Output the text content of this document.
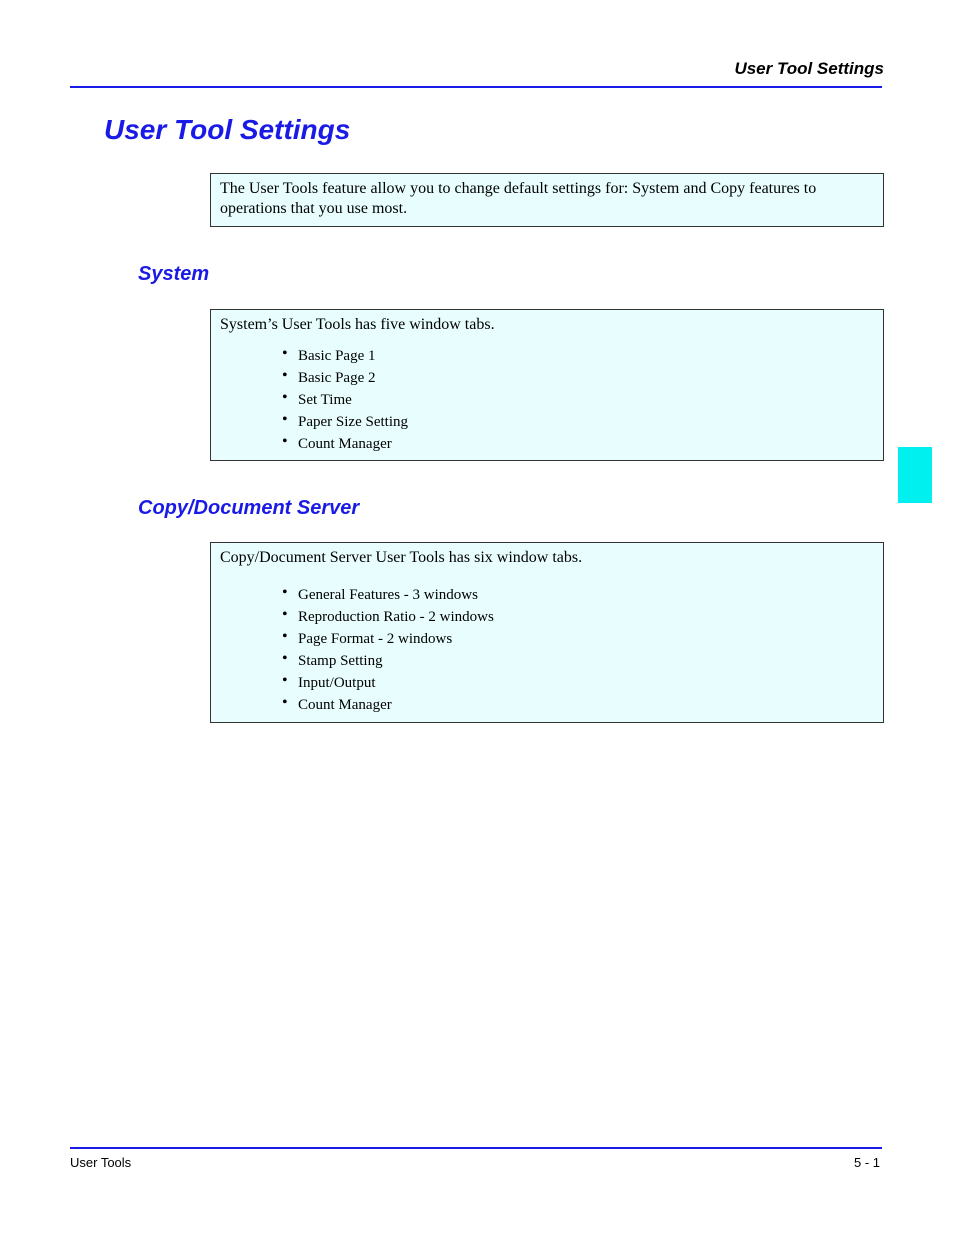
User Tool Settings
User Tool Settings

The User Tools feature allow you to change default settings for: System and Copy features to operations that you use most.

System

System’s User Tools has five window tabs.

• Basic Page 1
• Basic Page 2
• Set Time
• Paper Size Setting
• Count Manager
Copy/Document Server

Copy/Document Server User Tools has six window tabs.

• General Features - 3 windows
• Reproduction Ratio - 2 windows
• Page Format - 2 windows
• Stamp Setting
• Input/Output
• Count Manager
User Tools	5 - 1
